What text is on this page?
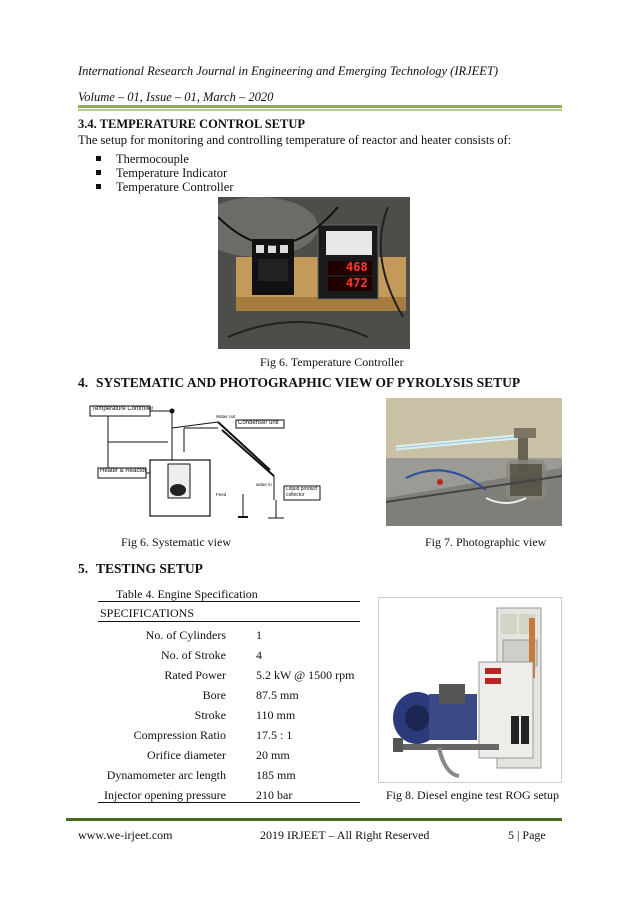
International Research Journal in Engineering and Emerging Technology (IRJEET)
Volume – 01, Issue – 01, March – 2020
3.4. TEMPERATURE CONTROL SETUP
The setup for monitoring and controlling temperature of reactor and heater consists of:
Thermocouple
Temperature Indicator
Temperature Controller
468
472
Fig 6. Temperature Controller
4. SYSTEMATIC AND PHOTOGRAPHIC VIEW OF PYROLYSIS SETUP
Temperature Controller
Heater & Reactor
Condenser unit
Water out
water in
Feed
Liquid product collector
Fig 6. Systematic view	Fig 7. Photographic view
5. TESTING SETUP
Table 4. Engine Specification
SPECIFICATIONS
No. of Cylinders	1
No. of Stroke	4
Rated Power	5.2 kW @ 1500 rpm
Bore	87.5 mm
Stroke	110 mm
Compression Ratio	17.5 : 1
Orifice diameter	20 mm
Dynamometer arc length	185 mm
Injector opening pressure	210 bar	Fig 8. Diesel engine test ROG setup
www.we-irjeet.com	2019 IRJEET – All Right Reserved	5 | Page
